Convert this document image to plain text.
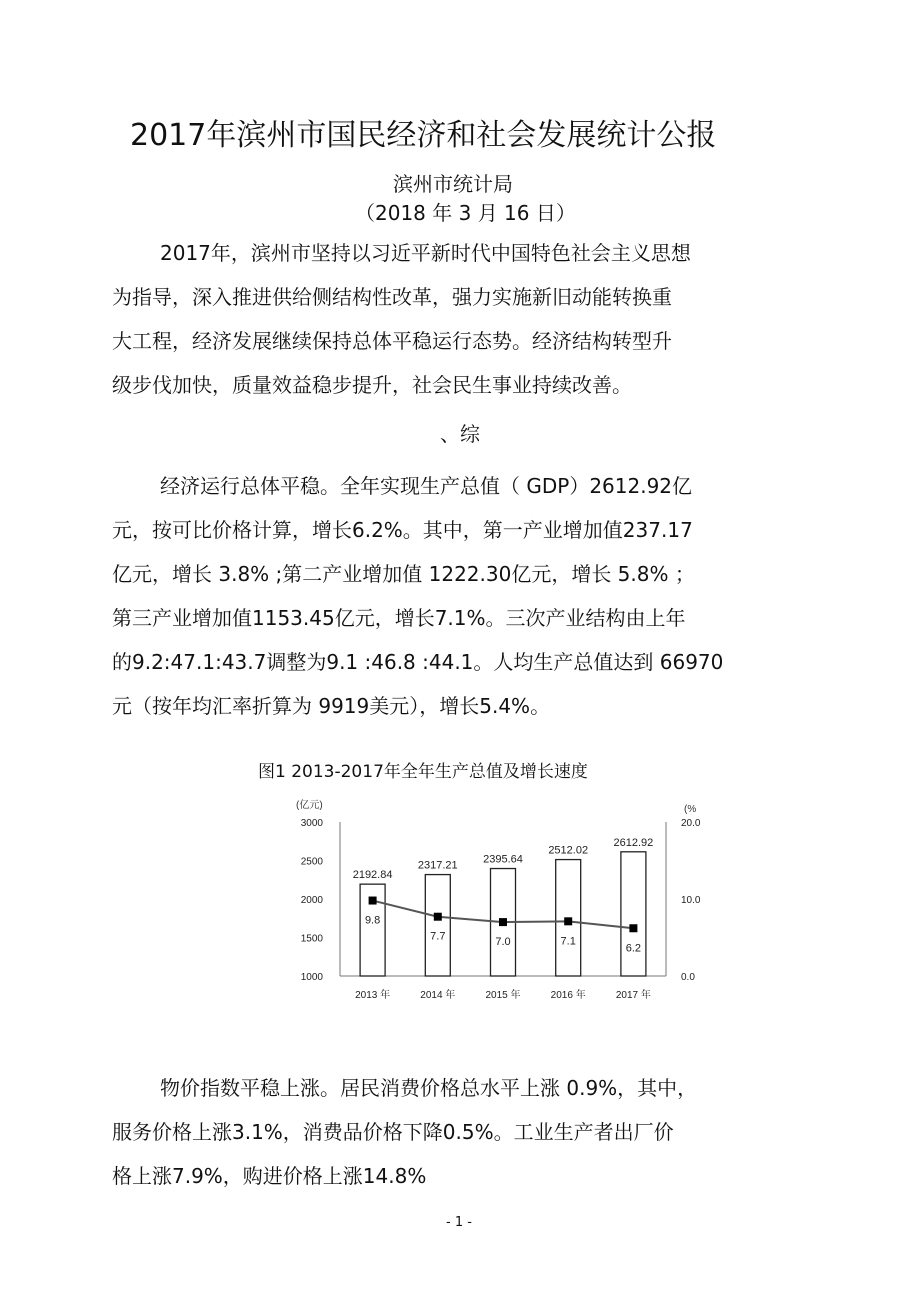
2017年滨州市国民经济和社会发展统计公报
滨州市统计局
（2018 年 3 月 16 日）
2017年，滨州市坚持以习近平新时代中国特色社会主义思想
为指导，深入推进供给侧结构性改革，强力实施新旧动能转换重
大工程，经济发展继续保持总体平稳运行态势。经济结构转型升
级步伐加快，质量效益稳步提升，社会民生事业持续改善。
、综
经济运行总体平稳。全年实现生产总值（ GDP）2612.92亿
元，按可比价格计算，增长6.2%。其中，第一产业增加值237.17
亿元，增长 3.8% ;第二产业增加值 1222.30亿元，增长 5.8% ；
第三产业增加值1153.45亿元，增长7.1%。三次产业结构由上年
的9.2:47.1:43.7调整为9.1 :46.8 :44.1。人均生产总值达到 66970
元（按年均汇率折算为 9919美元），增长5.4%。
图1 2013-2017年全年生产总值及增长速度
(亿元)	(%
3000
2500
2000
1500
1000
20.0
10.0
0.0
2192.84
2317.21
2395.64
2512.02
2612.92
9.8
7.7	7.0	7.1
6.2
2013 年	2014 年	2015 年	2016 年	2017 年
物价指数平稳上涨。居民消费价格总水平上涨 0.9%，其中，
服务价格上涨3.1%，消费品价格下降0.5%。工业生产者出厂价
格上涨7.9%，购进价格上涨14.8%
- 1 -
